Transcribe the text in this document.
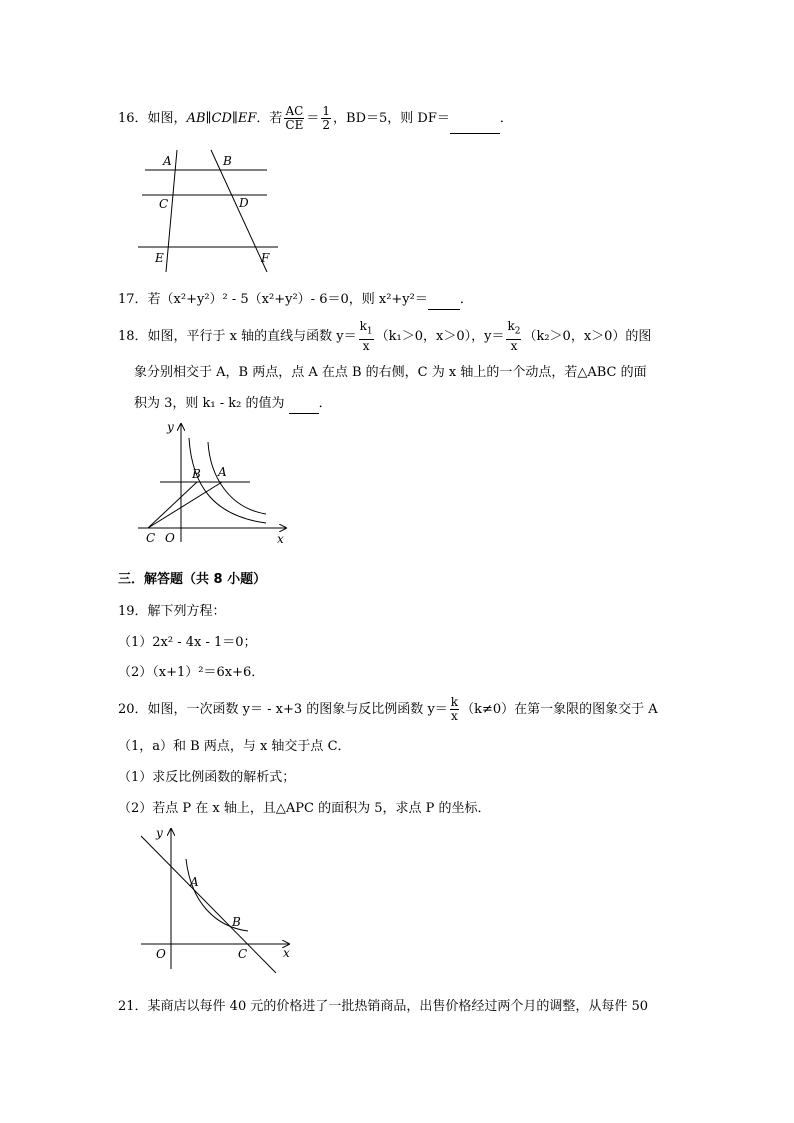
16．如图，AB∥CD∥EF．若 $\frac{AC}{CE} = \frac{1}{2}$ ，BD＝5，则 DF＝	．
A	B
C	D
E	F
17．若（x²+y²）² - 5（x²+y²）- 6＝0，则 x²+y²＝ ．
18．如图，平行于 x 轴的直线与函数 $y= \frac{k_1}{x} (k_1>0$，x＞0），$y= \frac{k_2}{x} (k_2>0$，x＞0）的图
象分别相交于 A，B 两点，点 A 在点 B 的右侧，C 为 x 轴上的一个动点，若△ABC 的面
积为 3，则 k₁ - k₂ 的值为	．
y
x
O
C
B A
三．解答题（共 8 小题）
19．解下列方程：
（1）2x² - 4x - 1＝0；
（2）（x+1）²＝6x+6．
20．如图，一次函数 y＝ - x+3 的图象与反比例函数 $y= \frac{k}{x} (k\ne 0)$在第一象限的图象交于 A
（1，a）和 B 两点，与 x 轴交于点 C．
（1）求反比例函数的解析式；
（2）若点 P 在 x 轴上，且△APC 的面积为 5，求点 P 的坐标．
y
x
O
A
B
C
21．某商店以每件 40 元的价格进了一批热销商品，出售价格经过两个月的调整，从每件 50
